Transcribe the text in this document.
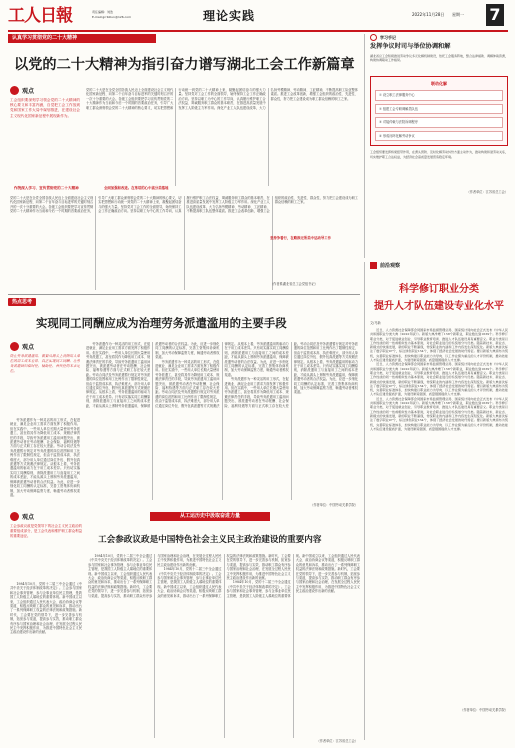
工人日報	责任编辑：刘浩
E-mail:grrblilun@126.com	理论实践	2022年11月28日 星期一 7
认真学习贯彻党的二十大精神
以党的二十大精神为指引奋力谱写湖北工会工作新篇章
观点
工会组织要深刻学习领会党的二十大精神的核心要义和丰富内涵，自觉把工会工作放到党和国家工作大局中谋划推进，在建设社会主义现代化国家新征程中展现新作为。
作统深入学习、宣传贯彻党的二十大精神
党的二十大是在全党全国各族人民迈上全面建设社会主义现代化国家新征程、向第二个百年奋斗目标进军的关键时刻召开的一次十分重要的大会。各级工会组织要把学习宣传贯彻党的二十大精神作为当前和今后一个时期的首要政治任务，引导广大职工群众深刻领会党的二十大精神的核心要义，切实把思想和行动统一到党的二十大精神上来，凝聚起团结奋斗的强大力量。坚持党对工会工作的全面领导，始终保持工会工作正确政治方向。坚持以职工为中心的工作导向，认真履行维护职工合法权益、竭诚服务职工群众的基本职责，在推进高质量发展中发挥工人阶级主力军作用。深化产业工人队伍建设改革，大力弘扬劳模精神、劳动精神、工匠精神，不断提高职工队伍整体素质。推进工会改革创新，增强工会组织的政治性、先进性、群众性，努力把工会建设成为职工群众信赖的职工之家。
党的二十大是在全党全国各族人民迈上全面建设社会主义现代化国家新征程、向第二个百年奋斗目标进军的关键时刻召开的一次十分重要的大会。各级工会组织要把学习宣传贯彻党的二十大精神作为当前和今后一个时期的首要政治任务，引导广大职工群众深刻领会党的二十大精神的核心要义，切实把思想和行动统一到党的二十大精神上来，凝聚起团结奋斗的强大力量。坚持党对工会工作的全面领导，始终保持工会工作正确政治方向。坚持以职工为中心的工作导向，认真履行维护职工合法权益、竭诚服务职工群众的基本职责，在推进高质量发展中发挥工人阶级主力军作用。深化产业工人队伍建设改革，大力弘扬劳模精神、劳动精神、工匠精神，不断提高职工队伍整体素质。推进工会改革创新，增强工会组织的政治性、先进性、群众性，努力把工会建设成为职工群众信赖的职工之家。
全面加强和改进。在革话的心中高分美落地
坚持争看行，在路推无所美中运动导工作
（作者系湖北省总工会党组书记）
学习手记
发挥争议时司与举位协调和解
湖北省总工会积极推进劳动争议多元化解机制建设，依托工会服务阵地，整合法律援助、调解仲裁资源，构建协调联动工作格局。
联动化解
① 设立职工法律服务中心
② 组建工会专职调解员队伍
③ 对接仲裁与法院诉调程序
④ 形成闭环化解劳动争议
工会组织要发挥桥梁纽带作用，在源头预防、及时化解劳动纠纷方面主动作为，推动构建和谐劳动关系，切实维护职工合法权益，为经济社会高质量发展营造稳定环境。
（作者单位：江苏省总工会）
前沿观察
科学修订职业分类
提升人才队伍建设专业化水平
文/马新

近日，人力资源社会保障部会同国家市场监督管理总局、国家统计局向社会正式发布《中华人民共和国职业分类大典（2022年版）》。新版大典净增了158个新职业，职业数达到1639个。科学修订职业分类，对于促进就业创业、引导职业教育培训、推进人才队伍建设具有重要意义。职业分类是以工作性质的同一性或相似性为基本原则，对社会职业进行的系统划分与归类。随着新技术、新业态、新模式的快速发展，新的职业不断涌现，传统职业的内涵和工作内容发生深刻变化。新版大典首次标注了数字职业97个，标注绿色职业134个，体现了经济社会发展的时代特征。要以新版大典颁布为契机，完善职业标准体系，加快构建以职业能力为导向、以工作业绩为重点的人才评价机制，推动技能人才队伍建设提质扩面，为建设制造强国、质量强国提供人才支撑。

近日，人力资源社会保障部会同国家市场监督管理总局、国家统计局向社会正式发布《中华人民共和国职业分类大典（2022年版）》。新版大典净增了158个新职业，职业数达到1639个。科学修订职业分类，对于促进就业创业、引导职业教育培训、推进人才队伍建设具有重要意义。职业分类是以工作性质的同一性或相似性为基本原则，对社会职业进行的系统划分与归类。随着新技术、新业态、新模式的快速发展，新的职业不断涌现，传统职业的内涵和工作内容发生深刻变化。新版大典首次标注了数字职业97个，标注绿色职业134个，体现了经济社会发展的时代特征。要以新版大典颁布为契机，完善职业标准体系，加快构建以职业能力为导向、以工作业绩为重点的人才评价机制，推动技能人才队伍建设提质扩面，为建设制造强国、质量强国提供人才支撑。

近日，人力资源社会保障部会同国家市场监督管理总局、国家统计局向社会正式发布《中华人民共和国职业分类大典（2022年版）》。新版大典净增了158个新职业，职业数达到1639个。科学修订职业分类，对于促进就业创业、引导职业教育培训、推进人才队伍建设具有重要意义。职业分类是以工作性质的同一性或相似性为基本原则，对社会职业进行的系统划分与归类。随着新技术、新业态、新模式的快速发展，新的职业不断涌现，传统职业的内涵和工作内容发生深刻变化。新版大典首次标注了数字职业97个，标注绿色职业134个，体现了经济社会发展的时代特征。要以新版大典颁布为契机，完善职业标准体系，加快构建以职业能力为导向、以工作业绩为重点的人才评价机制，推动技能人才队伍建设提质扩面，为建设制造强国、质量强国提供人才支撑。

（作者单位：中国劳动关系学院）
热点思考
实现同工同酬应成为治理劳务派遣滥用的主要手段
观点
防止劳务派遣滥用，需要从源头上消除用人单位的用工成本差异，真正实现同工同酬，让劳务派遣回归临时性、辅助性、替代性的本来定位。

劳务派遣作为一种灵活的用工形式，在促进就业、满足企业用工需求方面发挥了积极作用。但在实践中，一些用人单位长期大量使用劳务派遣工，甚至将其作为降低用工成本、规避法律责任的手段，导致劳务派遣用工滥用问题突出，被派遣劳动者在劳动报酬、社会保险、福利待遇等方面与正式职工存在较大差距。劳动合同法及劳务派遣暂行规定对劳务派遣的岗位范围和用工比例作出了限制性规定，但由于监管成本高、执法难度大，部分用人单位通过岗位外包、假外包真派遣等方式规避法律规定。从根本上看，劳务派遣滥用的驱动力在于用工成本差异。只有切实落实同工同酬原则，消除派遣用工与直接用工之间的成本差距，才能从源头上遏制劳务派遣滥用，保障被派遣劳动者的合法权益。为此，应进一步细化同工同酬的认定标准，完善工资集体协商机制，加大劳动保障监察力度，畅通劳动者维权渠道。

劳务派遣作为一种灵活的用工形式，在促进就业、满足企业用工需求方面发挥了积极作用。但在实践中，一些用人单位长期大量使用劳务派遣工，甚至将其作为降低用工成本、规避法律责任的手段，导致劳务派遣用工滥用问题突出，被派遣劳动者在劳动报酬、社会保险、福利待遇等方面与正式职工存在较大差距。劳动合同法及劳务派遣暂行规定对劳务派遣的岗位范围和用工比例作出了限制性规定，但由于监管成本高、执法难度大，部分用人单位通过岗位外包、假外包真派遣等方式规避法律规定。从根本上看，劳务派遣滥用的驱动力在于用工成本差异。只有切实落实同工同酬原则，消除派遣用工与直接用工之间的成本差距，才能从源头上遏制劳务派遣滥用，保障被派遣劳动者的合法权益。为此，应进一步细化同工同酬的认定标准，完善工资集体协商机制，加大劳动保障监察力度，畅通劳动者维权渠道。

劳务派遣作为一种灵活的用工形式，在促进就业、满足企业用工需求方面发挥了积极作用。但在实践中，一些用人单位长期大量使用劳务派遣工，甚至将其作为降低用工成本、规避法律责任的手段，导致劳务派遣用工滥用问题突出，被派遣劳动者在劳动报酬、社会保险、福利待遇等方面与正式职工存在较大差距。劳动合同法及劳务派遣暂行规定对劳务派遣的岗位范围和用工比例作出了限制性规定，但由于监管成本高、执法难度大，部分用人单位通过岗位外包、假外包真派遣等方式规避法律规定。从根本上看，劳务派遣滥用的驱动力在于用工成本差异。只有切实落实同工同酬原则，消除派遣用工与直接用工之间的成本差距，才能从源头上遏制劳务派遣滥用，保障被派遣劳动者的合法权益。为此，应进一步细化同工同酬的认定标准，完善工资集体协商机制，加大劳动保障监察力度，畅通劳动者维权渠道。

劳务派遣作为一种灵活的用工形式，在促进就业、满足企业用工需求方面发挥了积极作用。但在实践中，一些用人单位长期大量使用劳务派遣工，甚至将其作为降低用工成本、规避法律责任的手段，导致劳务派遣用工滥用问题突出，被派遣劳动者在劳动报酬、社会保险、福利待遇等方面与正式职工存在较大差距。劳动合同法及劳务派遣暂行规定对劳务派遣的岗位范围和用工比例作出了限制性规定，但由于监管成本高、执法难度大，部分用人单位通过岗位外包、假外包真派遣等方式规避法律规定。从根本上看，劳务派遣滥用的驱动力在于用工成本差异。只有切实落实同工同酬原则，消除派遣用工与直接用工之间的成本差距，才能从源头上遏制劳务派遣滥用，保障被派遣劳动者的合法权益。为此，应进一步细化同工同酬的认定标准，完善工资集体协商机制，加大劳动保障监察力度，畅通劳动者维权渠道。

（作者单位：中国劳动关系学院）
从工运历史中汲取奋进力量
工会参政议政是中国特色社会主义民主政治建设的重要内容
观点
工会参政议政是党领导下的社会主义民主政治的重要组成部分，是工会代表和维护职工群众利益的重要途径。

1984年10月，党的十二届三中全会通过《中共中央关于经济体制改革的决定》。工会参与国家和社会事务管理、参与企事业单位民主管理，是我国工人阶级主人翁地位的重要体现。新中国成立以来，工会组织通过人民代表大会、政治协商会议等渠道，积极反映职工群众的意见和诉求，推动出台了一系列保障职工权益的法律法规和政策措施。新时代，工会要在党的领导下，进一步完善参与机制，拓宽参与渠道，提高参与实效，推动职工群众有序参与国家治理和社会治理，在发展全过程人民民主中发挥积极作用，为推进中国特色社会主义民主政治建设作出新的贡献。

1984年10月，党的十二届三中全会通过《中共中央关于经济体制改革的决定》。工会参与国家和社会事务管理、参与企事业单位民主管理，是我国工人阶级主人翁地位的重要体现。新中国成立以来，工会组织通过人民代表大会、政治协商会议等渠道，积极反映职工群众的意见和诉求，推动出台了一系列保障职工权益的法律法规和政策措施。新时代，工会要在党的领导下，进一步完善参与机制，拓宽参与渠道，提高参与实效，推动职工群众有序参与国家治理和社会治理，在发展全过程人民民主中发挥积极作用，为推进中国特色社会主义民主政治建设作出新的贡献。

1984年10月，党的十二届三中全会通过《中共中央关于经济体制改革的决定》。工会参与国家和社会事务管理、参与企事业单位民主管理，是我国工人阶级主人翁地位的重要体现。新中国成立以来，工会组织通过人民代表大会、政治协商会议等渠道，积极反映职工群众的意见和诉求，推动出台了一系列保障职工权益的法律法规和政策措施。新时代，工会要在党的领导下，进一步完善参与机制，拓宽参与渠道，提高参与实效，推动职工群众有序参与国家治理和社会治理，在发展全过程人民民主中发挥积极作用，为推进中国特色社会主义民主政治建设作出新的贡献。

1984年10月，党的十二届三中全会通过《中共中央关于经济体制改革的决定》。工会参与国家和社会事务管理、参与企事业单位民主管理，是我国工人阶级主人翁地位的重要体现。新中国成立以来，工会组织通过人民代表大会、政治协商会议等渠道，积极反映职工群众的意见和诉求，推动出台了一系列保障职工权益的法律法规和政策措施。新时代，工会要在党的领导下，进一步完善参与机制，拓宽参与渠道，提高参与实效，推动职工群众有序参与国家治理和社会治理，在发展全过程人民民主中发挥积极作用，为推进中国特色社会主义民主政治建设作出新的贡献。

（作者单位：江苏省总工会）
